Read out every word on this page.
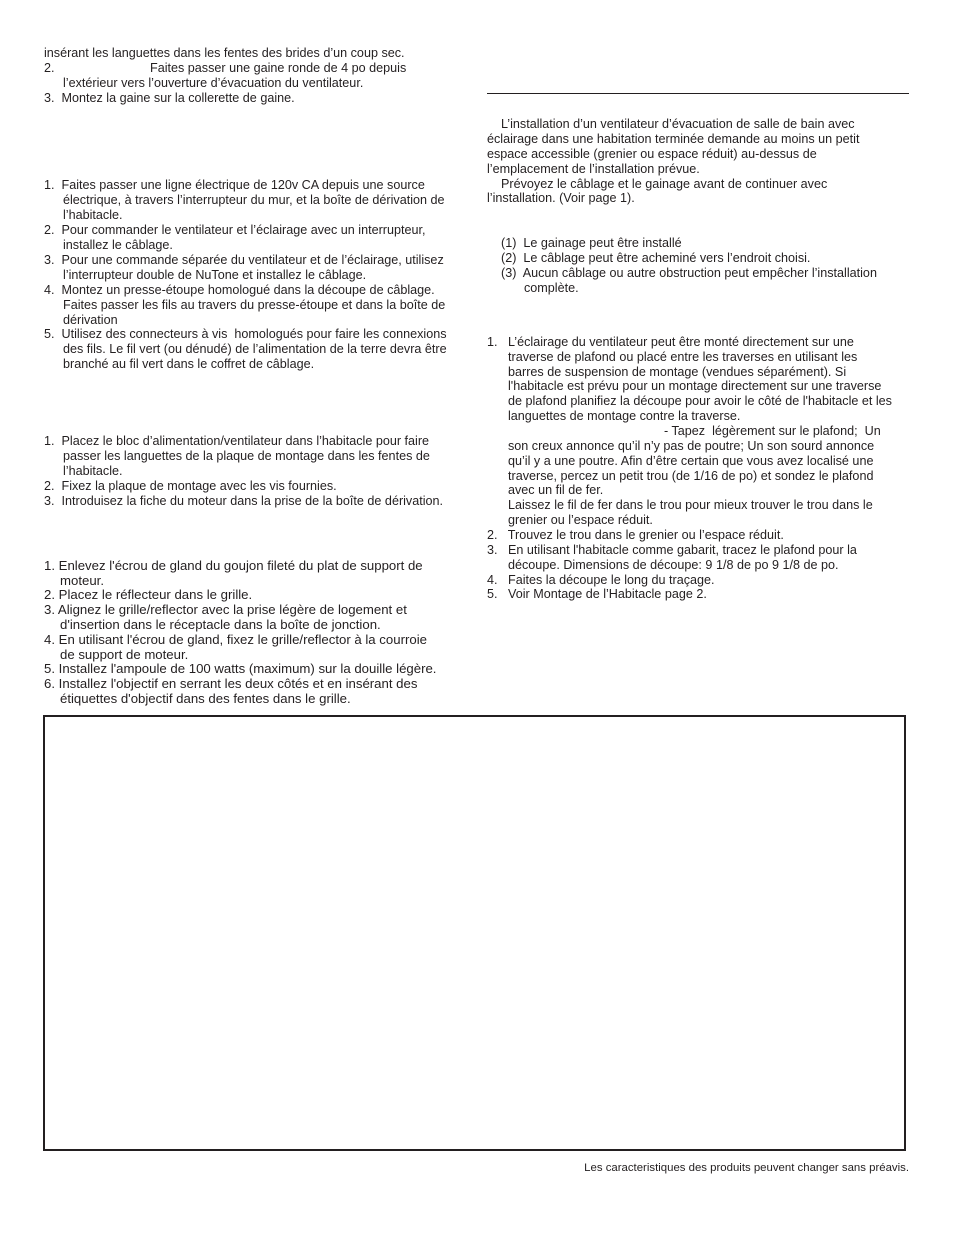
insérant les languettes dans les fentes des brides d’un coup sec.
2.	Faites passer une gaine ronde de 4 po depuis
l’extérieur vers l’ouverture d’évacuation du ventilateur.
3.  Montez la gaine sur la collerette de gaine.
1.  Faites passer une ligne électrique de 120v CA depuis une source
électrique, à travers l’interrupteur du mur, et la boîte de dérivation de
l’habitacle.
2.  Pour commander le ventilateur et l’éclairage avec un interrupteur,
installez le câblage.
3.  Pour une commande séparée du ventilateur et de l’éclairage, utilisez
l’interrupteur double de NuTone et installez le câblage.
4.  Montez un presse-étoupe homologué dans la découpe de câblage.
Faites passer les fils au travers du presse-étoupe et dans la boîte de
dérivation
5.  Utilisez des connecteurs à vis  homologués pour faire les connexions
des fils. Le fil vert (ou dénudé) de l’alimentation de la terre devra être
branché au fil vert dans le coffret de câblage.
1.  Placez le bloc d’alimentation/ventilateur dans l’habitacle pour faire
passer les languettes de la plaque de montage dans les fentes de
l’habitacle.
2.  Fixez la plaque de montage avec les vis fournies.
3.  Introduisez la fiche du moteur dans la prise de la boîte de dérivation.
1. Enlevez l'écrou de gland du goujon fileté du plat de support de
moteur.
2. Placez le réflecteur dans le grille.
3. Alignez le grille/reflector avec la prise légère de logement et
d'insertion dans le réceptacle dans la boîte de jonction.
4. En utilisant l'écrou de gland, fixez le grille/reflector à la courroie
de support de moteur.
5. Installez l'ampoule de 100 watts (maximum) sur la douille légère.
6. Installez l'objectif en serrant les deux côtés et en insérant des
étiquettes d'objectif dans des fentes dans le grille.
L’installation d’un ventilateur d’évacuation de salle de bain avec
éclairage dans une habitation terminée demande au moins un petit
espace accessible (grenier ou espace réduit) au-dessus de
l’emplacement de l’installation prévue.
Prévoyez le câblage et le gainage avant de continuer avec
l’installation. (Voir page 1).
(1)  Le gainage peut être installé
(2)  Le câblage peut être acheminé vers l’endroit choisi.
(3)  Aucun câblage ou autre obstruction peut empêcher l’installation
complète.
1.   L’éclairage du ventilateur peut être monté directement sur une
traverse de plafond ou placé entre les traverses en utilisant les
barres de suspension de montage (vendues séparément). Si
l'habitacle est prévu pour un montage directement sur une traverse
de plafond planifiez la découpe pour avoir le côté de l'habitacle et les
languettes de montage contre la traverse.
- Tapez  légèrement sur le plafond;  Un
son creux annonce qu’il n’y pas de poutre; Un son sourd annonce
qu’il y a une poutre. Afin d’être certain que vous avez localisé une
traverse, percez un petit trou (de 1/16 de po) et sondez le plafond
avec un fil de fer.
Laissez le fil de fer dans le trou pour mieux trouver le trou dans le
grenier ou l’espace réduit.
2.   Trouvez le trou dans le grenier ou l’espace réduit.
3.   En utilisant l'habitacle comme gabarit, tracez le plafond pour la
découpe. Dimensions de découpe: 9 1/8 de po 9 1/8 de po.
4.   Faites la découpe le long du traçage.
5.   Voir Montage de l’Habitacle page 2.
Les caracteristiques des produits peuvent changer sans préavis.
